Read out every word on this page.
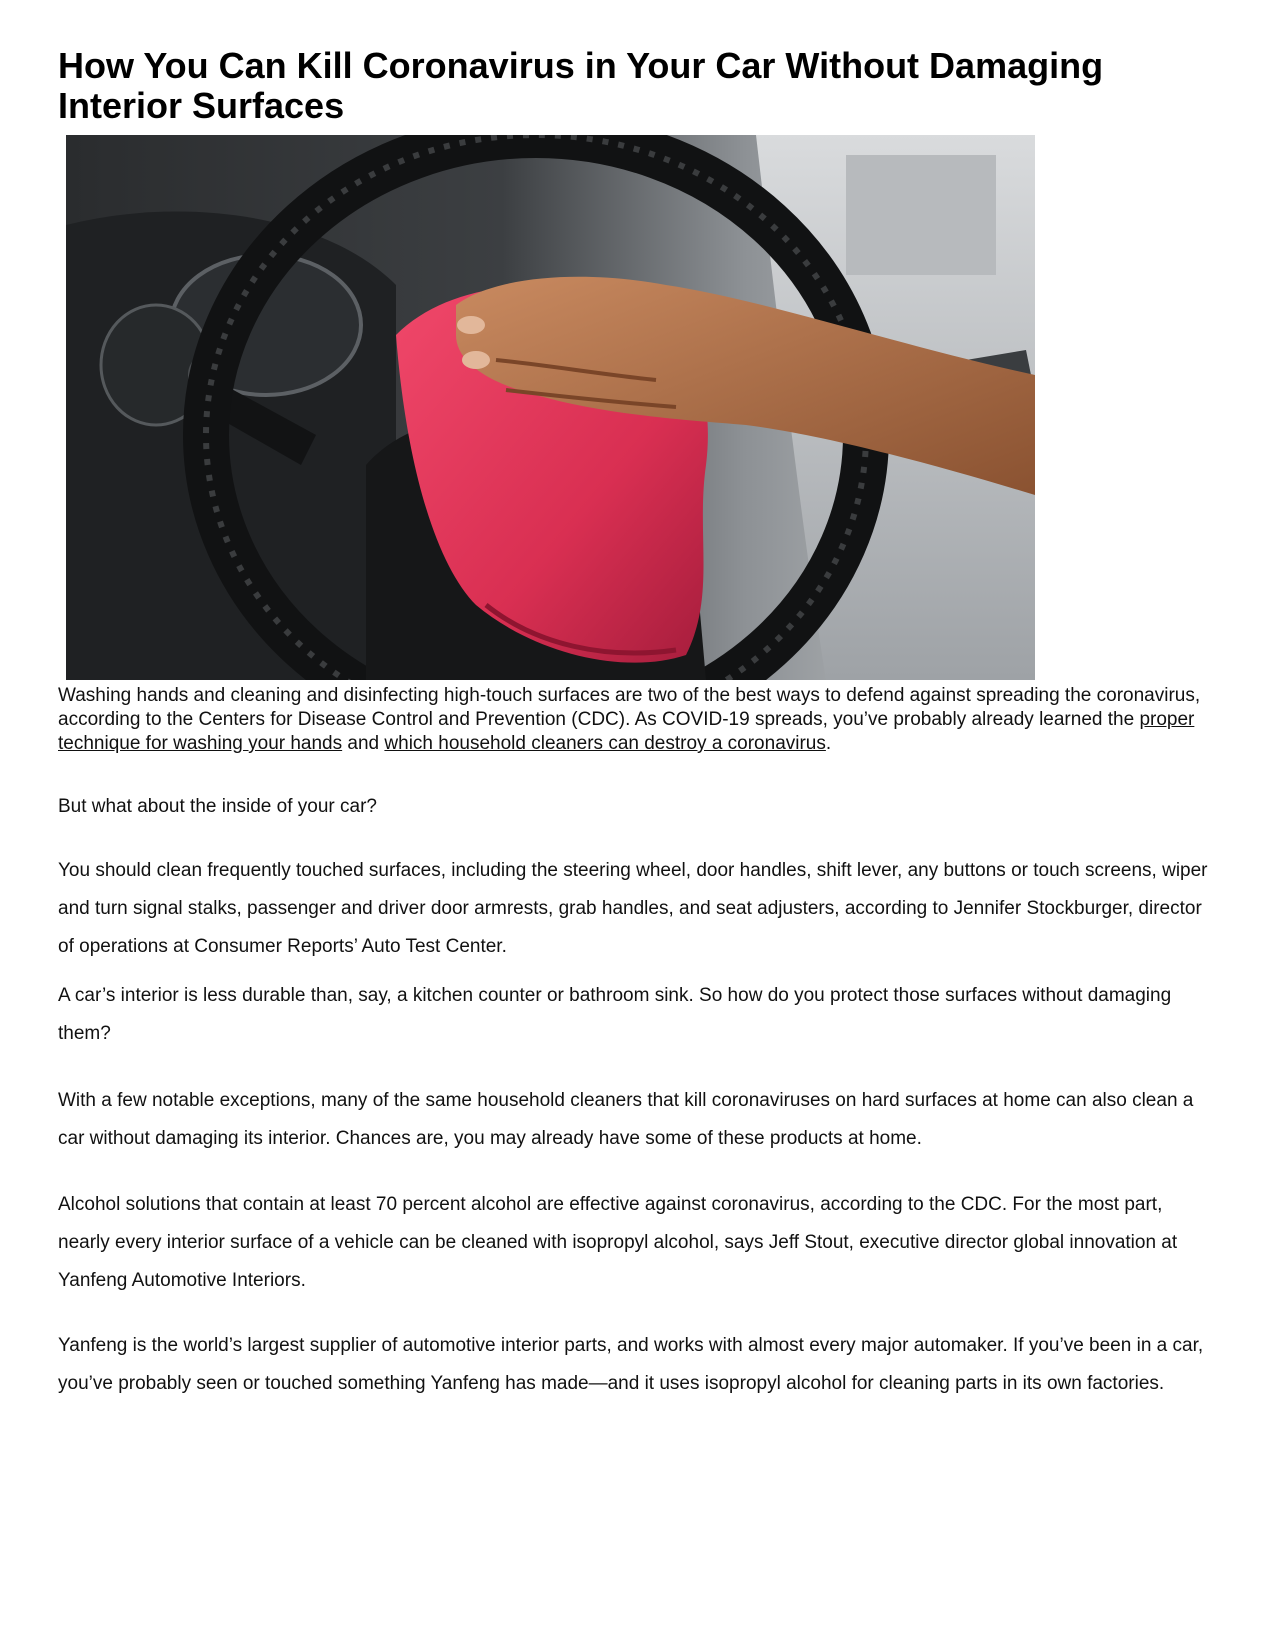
How You Can Kill Coronavirus in Your Car Without Damaging Interior Surfaces

Washing hands and cleaning and disinfecting high-touch surfaces are two of the best ways to defend against spreading the coronavirus, according to the Centers for Disease Control and Prevention (CDC). As COVID-19 spreads, you’ve probably already learned the proper technique for washing your hands and which household cleaners can destroy a coronavirus.

But what about the inside of your car?

You should clean frequently touched surfaces, including the steering wheel, door handles, shift lever, any buttons or touch screens, wiper and turn signal stalks, passenger and driver door armrests, grab handles, and seat adjusters, according to Jennifer Stockburger, director of operations at Consumer Reports’ Auto Test Center.

A car’s interior is less durable than, say, a kitchen counter or bathroom sink. So how do you protect those surfaces without damaging them?

With a few notable exceptions, many of the same household cleaners that kill coronaviruses on hard surfaces at home can also clean a car without damaging its interior. Chances are, you may already have some of these products at home.

Alcohol solutions that contain at least 70 percent alcohol are effective against coronavirus, according to the CDC. For the most part, nearly every interior surface of a vehicle can be cleaned with isopropyl alcohol, says Jeff Stout, executive director global innovation at Yanfeng Automotive Interiors.

Yanfeng is the world’s largest supplier of automotive interior parts, and works with almost every major automaker. If you’ve been in a car, you’ve probably seen or touched something Yanfeng has made—and it uses isopropyl alcohol for cleaning parts in its own factories.
